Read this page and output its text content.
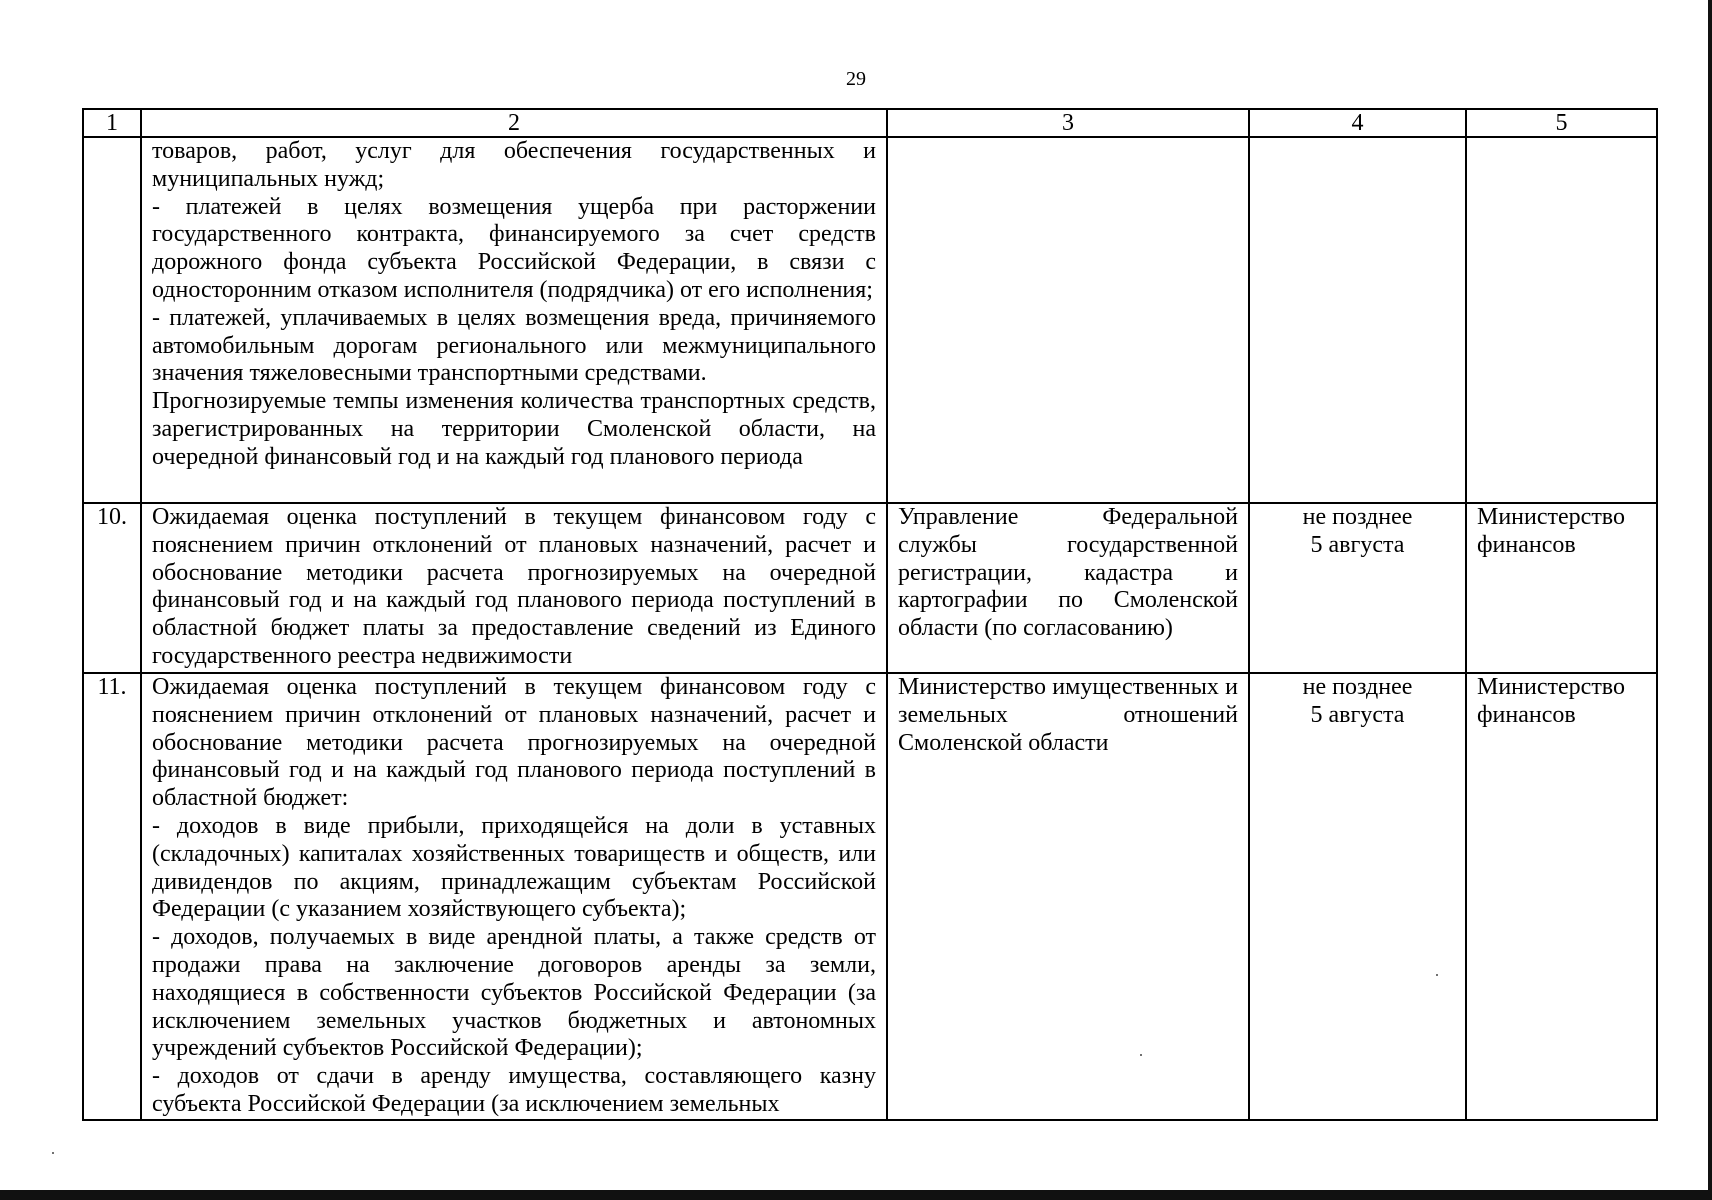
29
1	2	3	4	5

	товаров, работ, услуг для обеспечения государственных и муниципальных нужд;
- платежей в целях возмещения ущерба при расторжении государственного контракта, финансируемого за счет средств дорожного фонда субъекта Российской Федерации, в связи с односторонним отказом исполнителя (подрядчика) от его исполнения;
- платежей, уплачиваемых в целях возмещения вреда, причиняемого автомобильным дорогам регионального или межмуниципального значения тяжеловесными транспортными средствами.
Прогнозируемые темпы изменения количества транспортных средств, зарегистрированных на территории Смоленской области, на очередной финансовый год и на каждый год планового периода			

10.	Ожидаемая оценка поступлений в текущем финансовом году с пояснением причин отклонений от плановых назначений, расчет и обоснование методики расчета прогнозируемых на очередной финансовый год и на каждый год планового периода поступлений в областной бюджет платы за предоставление сведений из Единого государственного реестра недвижимости	Управление Федеральной службы государственной регистрации, кадастра и картографии по Смоленской области (по согласованию)	не позднее
5 августа	Министерство финансов
11.	Ожидаемая оценка поступлений в текущем финансовом году с пояснением причин отклонений от плановых назначений, расчет и обоснование методики расчета прогнозируемых на очередной финансовый год и на каждый год планового периода поступлений в областной бюджет:
- доходов в виде прибыли, приходящейся на доли в уставных (складочных) капиталах хозяйственных товариществ и обществ, или дивидендов по акциям, принадлежащим субъектам Российской Федерации (с указанием хозяйствующего субъекта);
- доходов, получаемых в виде арендной платы, а также средств от продажи права на заключение договоров аренды за земли, находящиеся в собственности субъектов Российской Федерации (за исключением земельных участков бюджетных и автономных учреждений субъектов Российской Федерации);
- доходов от сдачи в аренду имущества, составляющего казну субъекта Российской Федерации (за исключением земельных	Министерство имущественных и земельных отношений Смоленской области	не позднее
5 августа	Министерство финансов
